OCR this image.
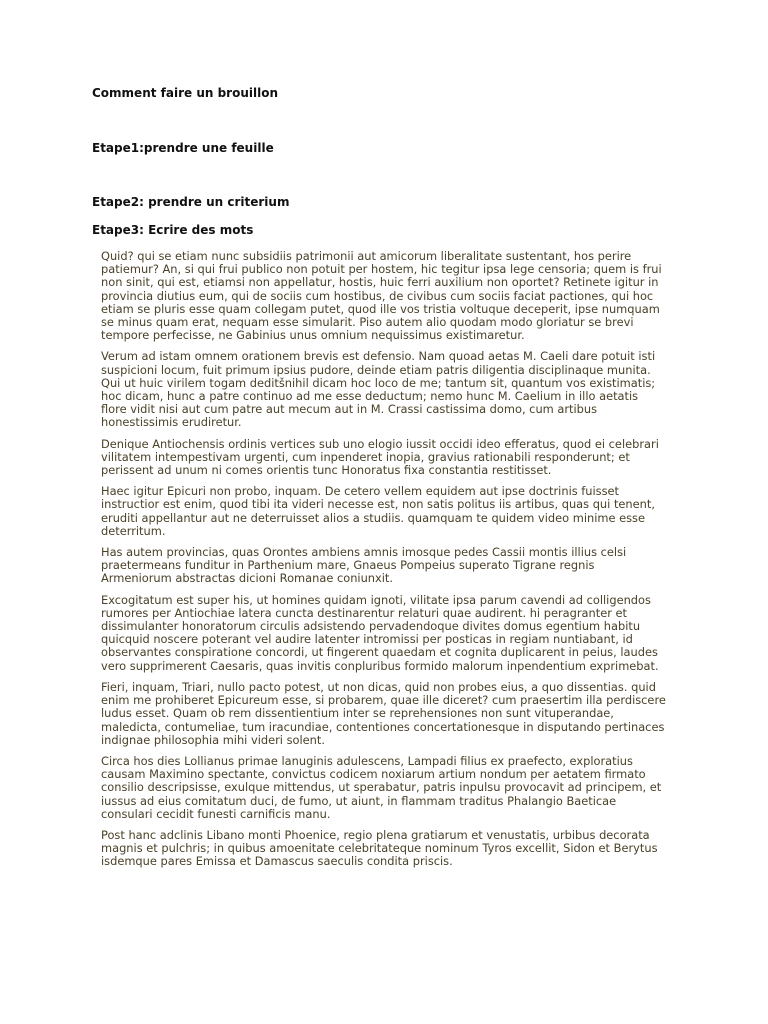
Comment faire un brouillon
Etape1:prendre une feuille
Etape2: prendre un criterium
Etape3: Ecrire des mots

Quid? qui se etiam nunc subsidiis patrimonii aut amicorum liberalitate sustentant, hos perire patiemur? An, si qui frui publico non potuit per hostem, hic tegitur ipsa lege censoria; quem is frui non sinit, qui est, etiamsi non appellatur, hostis, huic ferri auxilium non oportet? Retinete igitur in provincia diutius eum, qui de sociis cum hostibus, de civibus cum sociis faciat pactiones, qui hoc etiam se pluris esse quam collegam putet, quod ille vos tristia voltuque deceperit, ipse numquam se minus quam erat, nequam esse simularit. Piso autem alio quodam modo gloriatur se brevi tempore perfecisse, ne Gabinius unus omnium nequissimus existimaretur.

Verum ad istam omnem orationem brevis est defensio. Nam quoad aetas M. Caeli dare potuit isti suspicioni locum, fuit primum ipsius pudore, deinde etiam patris diligentia disciplinaque munita. Qui ut huic virilem togam deditšnihil dicam hoc loco de me; tantum sit, quantum vos existimatis; hoc dicam, hunc a patre continuo ad me esse deductum; nemo hunc M. Caelium in illo aetatis flore vidit nisi aut cum patre aut mecum aut in M. Crassi castissima domo, cum artibus honestissimis erudiretur.

Denique Antiochensis ordinis vertices sub uno elogio iussit occidi ideo efferatus, quod ei celebrari vilitatem intempestivam urgenti, cum inpenderet inopia, gravius rationabili responderunt; et perissent ad unum ni comes orientis tunc Honoratus fixa constantia restitisset.

Haec igitur Epicuri non probo, inquam. De cetero vellem equidem aut ipse doctrinis fuisset instructior est enim, quod tibi ita videri necesse est, non satis politus iis artibus, quas qui tenent, eruditi appellantur aut ne deterruisset alios a studiis. quamquam te quidem video minime esse deterritum.

Has autem provincias, quas Orontes ambiens amnis imosque pedes Cassii montis illius celsi praetermeans funditur in Parthenium mare, Gnaeus Pompeius superato Tigrane regnis Armeniorum abstractas dicioni Romanae coniunxit.

Excogitatum est super his, ut homines quidam ignoti, vilitate ipsa parum cavendi ad colligendos rumores per Antiochiae latera cuncta destinarentur relaturi quae audirent. hi peragranter et dissimulanter honoratorum circulis adsistendo pervadendoque divites domus egentium habitu quicquid noscere poterant vel audire latenter intromissi per posticas in regiam nuntiabant, id observantes conspiratione concordi, ut fingerent quaedam et cognita duplicarent in peius, laudes vero supprimerent Caesaris, quas invitis conpluribus formido malorum inpendentium exprimebat.

Fieri, inquam, Triari, nullo pacto potest, ut non dicas, quid non probes eius, a quo dissentias. quid enim me prohiberet Epicureum esse, si probarem, quae ille diceret? cum praesertim illa perdiscere ludus esset. Quam ob rem dissentientium inter se reprehensiones non sunt vituperandae, maledicta, contumeliae, tum iracundiae, contentiones concertationesque in disputando pertinaces indignae philosophia mihi videri solent.

Circa hos dies Lollianus primae lanuginis adulescens, Lampadi filius ex praefecto, exploratius causam Maximino spectante, convictus codicem noxiarum artium nondum per aetatem firmato consilio descripsisse, exulque mittendus, ut sperabatur, patris inpulsu provocavit ad principem, et iussus ad eius comitatum duci, de fumo, ut aiunt, in flammam traditus Phalangio Baeticae consulari cecidit funesti carnificis manu.

Post hanc adclinis Libano monti Phoenice, regio plena gratiarum et venustatis, urbibus decorata magnis et pulchris; in quibus amoenitate celebritateque nominum Tyros excellit, Sidon et Berytus isdemque pares Emissa et Damascus saeculis condita priscis.
